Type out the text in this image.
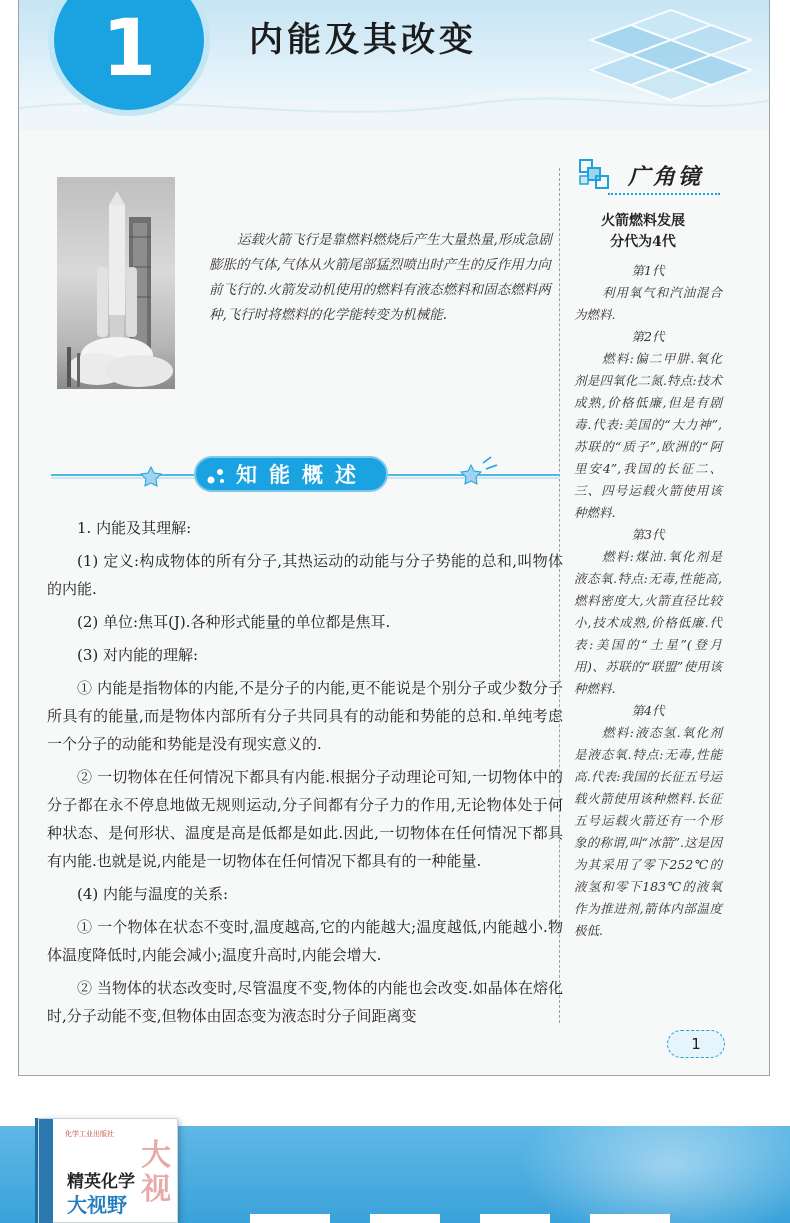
1	内能及其改变

运载火箭飞行是靠燃料燃烧后产生大量热量,形成急剧膨胀的气体,气体从火箭尾部猛烈喷出时产生的反作用力向前飞行的.火箭发动机使用的燃料有液态燃料和固态燃料两种,飞行时将燃料的化学能转变为机械能.

知能概述

1. 内能及其理解:

(1) 定义:构成物体的所有分子,其热运动的动能与分子势能的总和,叫物体的内能.

(2) 单位:焦耳(J).各种形式能量的单位都是焦耳.

(3) 对内能的理解:

① 内能是指物体的内能,不是分子的内能,更不能说是个别分子或少数分子所具有的能量,而是物体内部所有分子共同具有的动能和势能的总和.单纯考虑一个分子的动能和势能是没有现实意义的.

② 一切物体在任何情况下都具有内能.根据分子动理论可知,一切物体中的分子都在永不停息地做无规则运动,分子间都有分子力的作用,无论物体处于何种状态、是何形状、温度是高是低都是如此.因此,一切物体在任何情况下都具有内能.也就是说,内能是一切物体在任何情况下都具有的一种能量.

(4) 内能与温度的关系:

① 一个物体在状态不变时,温度越高,它的内能越大;温度越低,内能越小.物体温度降低时,内能会减小;温度升高时,内能会增大.

② 当物体的状态改变时,尽管温度不变,物体的内能也会改变.如晶体在熔化时,分子动能不变,但物体由固态变为液态时分子间距离变

广角镜
火箭燃料发展
分代为4代
第1代
利用氧气和汽油混合为燃料.
第2代
燃料:偏二甲肼.氧化剂是四氧化二氮.特点:技术成熟,价格低廉,但是有剧毒.代表:美国的“大力神”,苏联的“质子”,欧洲的“阿里安4”,我国的长征二、三、四号运载火箭使用该种燃料.
第3代
燃料:煤油.氧化剂是液态氧.特点:无毒,性能高,燃料密度大,火箭直径比较小,技术成熟,价格低廉.代表:美国的“土星”(登月用)、苏联的“联盟”使用该种燃料.
第4代
燃料:液态氢.氧化剂是液态氧.特点:无毒,性能高.代表:我国的长征五号运载火箭使用该种燃料.长征五号运载火箭还有一个形象的称谓,叫“冰箭”.这是因为其采用了零下252℃的液氢和零下183℃的液氧作为推进剂,箭体内部温度极低.
1
化学工业出版社
大视
精英化学
大视野
